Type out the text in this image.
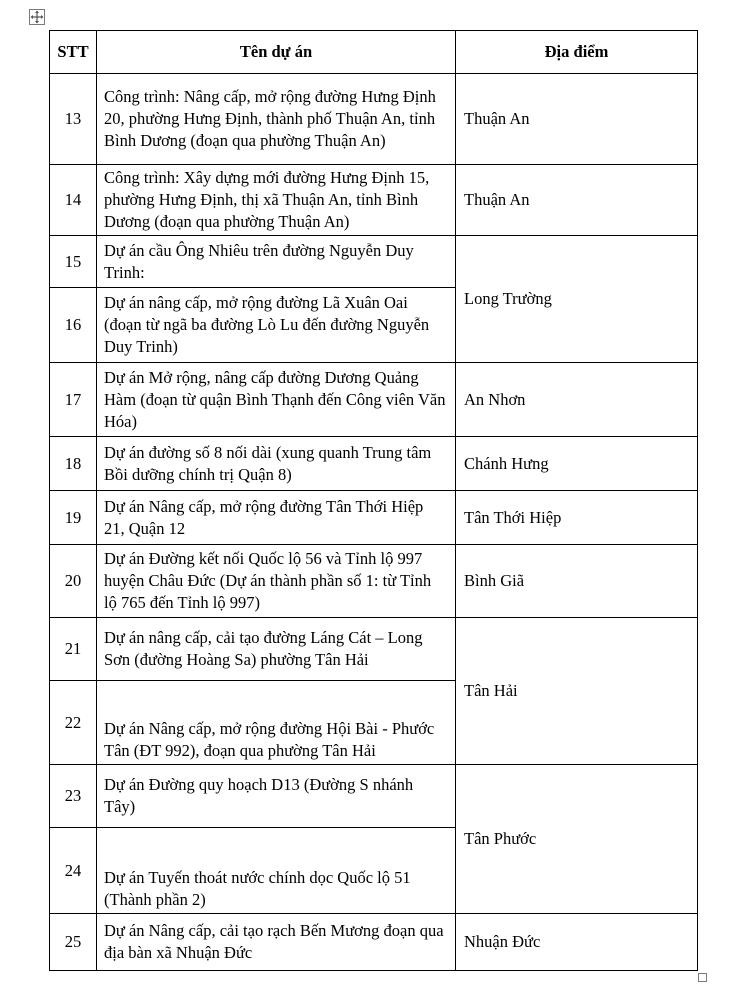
STT	Tên dự án	Địa điểm
13	Công trình: Nâng cấp, mở rộng đường Hưng Định 20, phường Hưng Định, thành phố Thuận An, tỉnh Bình Dương (đoạn qua phường Thuận An)	Thuận An
14	Công trình: Xây dựng mới đường Hưng Định 15, phường Hưng Định, thị xã Thuận An, tỉnh Bình Dương (đoạn qua phường Thuận An)	Thuận An
15	Dự án cầu Ông Nhiêu trên đường Nguyễn Duy Trinh:	Long Trường
16	Dự án nâng cấp, mở rộng đường Lã Xuân Oai (đoạn từ ngã ba đường Lò Lu đến đường Nguyễn Duy Trinh)	
17	Dự án Mở rộng, nâng cấp đường Dương Quảng Hàm (đoạn từ quận Bình Thạnh đến Công viên Văn Hóa)	An Nhơn
18	Dự án đường số 8 nối dài (xung quanh Trung tâm Bồi dưỡng chính trị Quận 8)	Chánh Hưng
19	Dự án Nâng cấp, mở rộng đường Tân Thới Hiệp 21, Quận 12	Tân Thới Hiệp
20	Dự án Đường kết nối Quốc lộ 56 và Tỉnh lộ 997 huyện Châu Đức (Dự án thành phần số 1: từ Tỉnh lộ 765 đến Tỉnh lộ 997)	Bình Giã
21	Dự án nâng cấp, cải tạo đường Láng Cát – Long Sơn (đường Hoàng Sa) phường Tân Hải	Tân Hải
22	Dự án Nâng cấp, mở rộng đường Hội Bài - Phước Tân (ĐT 992), đoạn qua phường Tân Hải	
23	Dự án Đường quy hoạch D13 (Đường S nhánh Tây)	Tân Phước
24	Dự án Tuyến thoát nước chính dọc Quốc lộ 51 (Thành phần 2)	
25	Dự án Nâng cấp, cải tạo rạch Bến Mương đoạn qua địa bàn xã Nhuận Đức	Nhuận Đức
